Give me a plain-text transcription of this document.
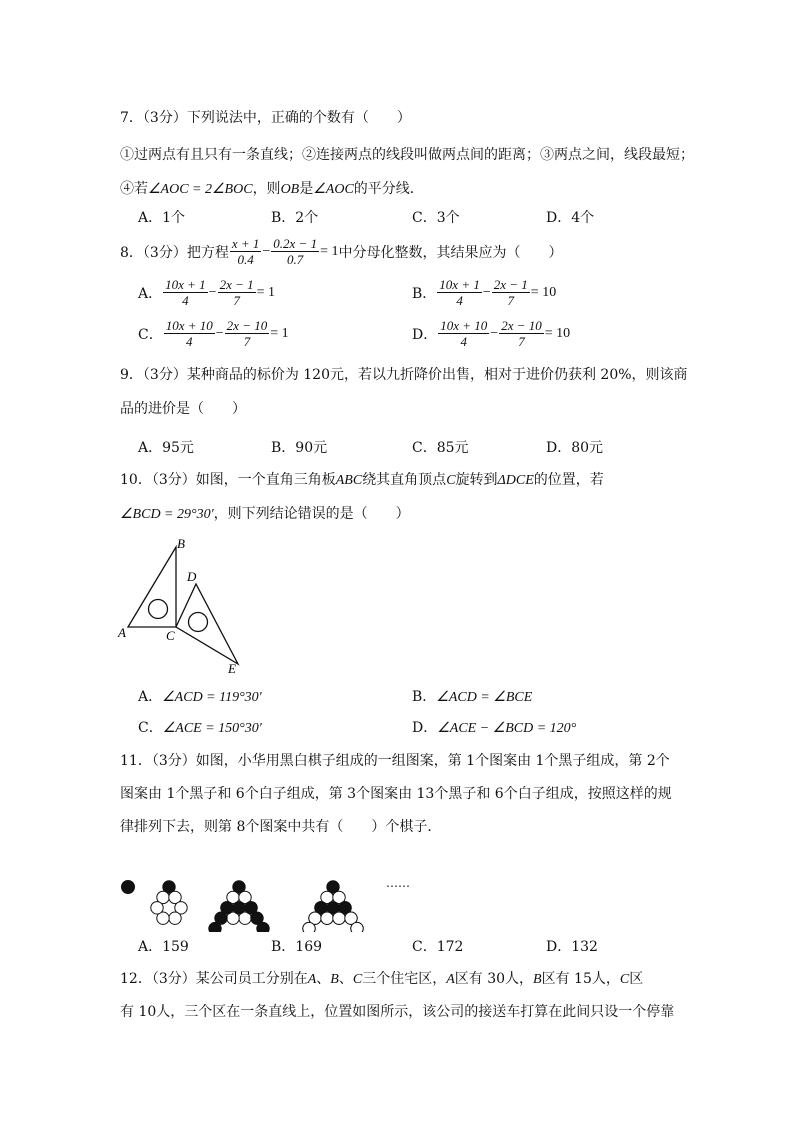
7．（3分）下列说法中，正确的个数有（　　）
①过两点有且只有一条直线；②连接两点的线段叫做两点间的距离；③两点之间，线段最短；
④若∠AOC = 2∠BOC，则OB是∠AOC的平分线．
A．1个	B．2个	C．3个	D．4个
8．（3分）把方程 $\frac{x + 1}{0.4} - \frac{0.2x - 1}{0.7} = 1$ 中分母化整数，其结果应为（　　）
A． $\frac{10x + 1}{4} - \frac{2x - 1}{7} = 1$	B． $\frac{10x + 1}{4} - \frac{2x - 1}{7} = 10$
C． $\frac{10x + 10}{4} - \frac{2x - 10}{7} = 1$	D． $\frac{10x + 10}{4} - \frac{2x - 10}{7} = 10$
9．（3分）某种商品的标价为 120元，若以九折降价出售，相对于进价仍获利 20%，则该商
品的进价是（　　）
A．95元	B．90元	C．85元	D．80元
10．（3分）如图，一个直角三角板ABC绕其直角顶点C旋转到ΔDCE的位置，若
∠BCD = 29°30′，则下列结论错误的是（　　）
A
B
C
D
E
A．∠ACD = 119°30′	B．∠ACD = ∠BCE
C．∠ACE = 150°30′	D．∠ACE − ∠BCD = 120°
11．（3分）如图，小华用黑白棋子组成的一组图案，第 1个图案由 1个黑子组成，第 2个
图案由 1个黑子和 6个白子组成，第 3个图案由 13个黑子和 6个白子组成，按照这样的规
律排列下去，则第 8个图案中共有（　　）个棋子．
……
A．159	B．169	C．172	D．132
12．（3分）某公司员工分别在A、B、C三个住宅区，A区有 30人，B区有 15人，C区
有 10人，三个区在一条直线上，位置如图所示，该公司的接送车打算在此间只设一个停靠
